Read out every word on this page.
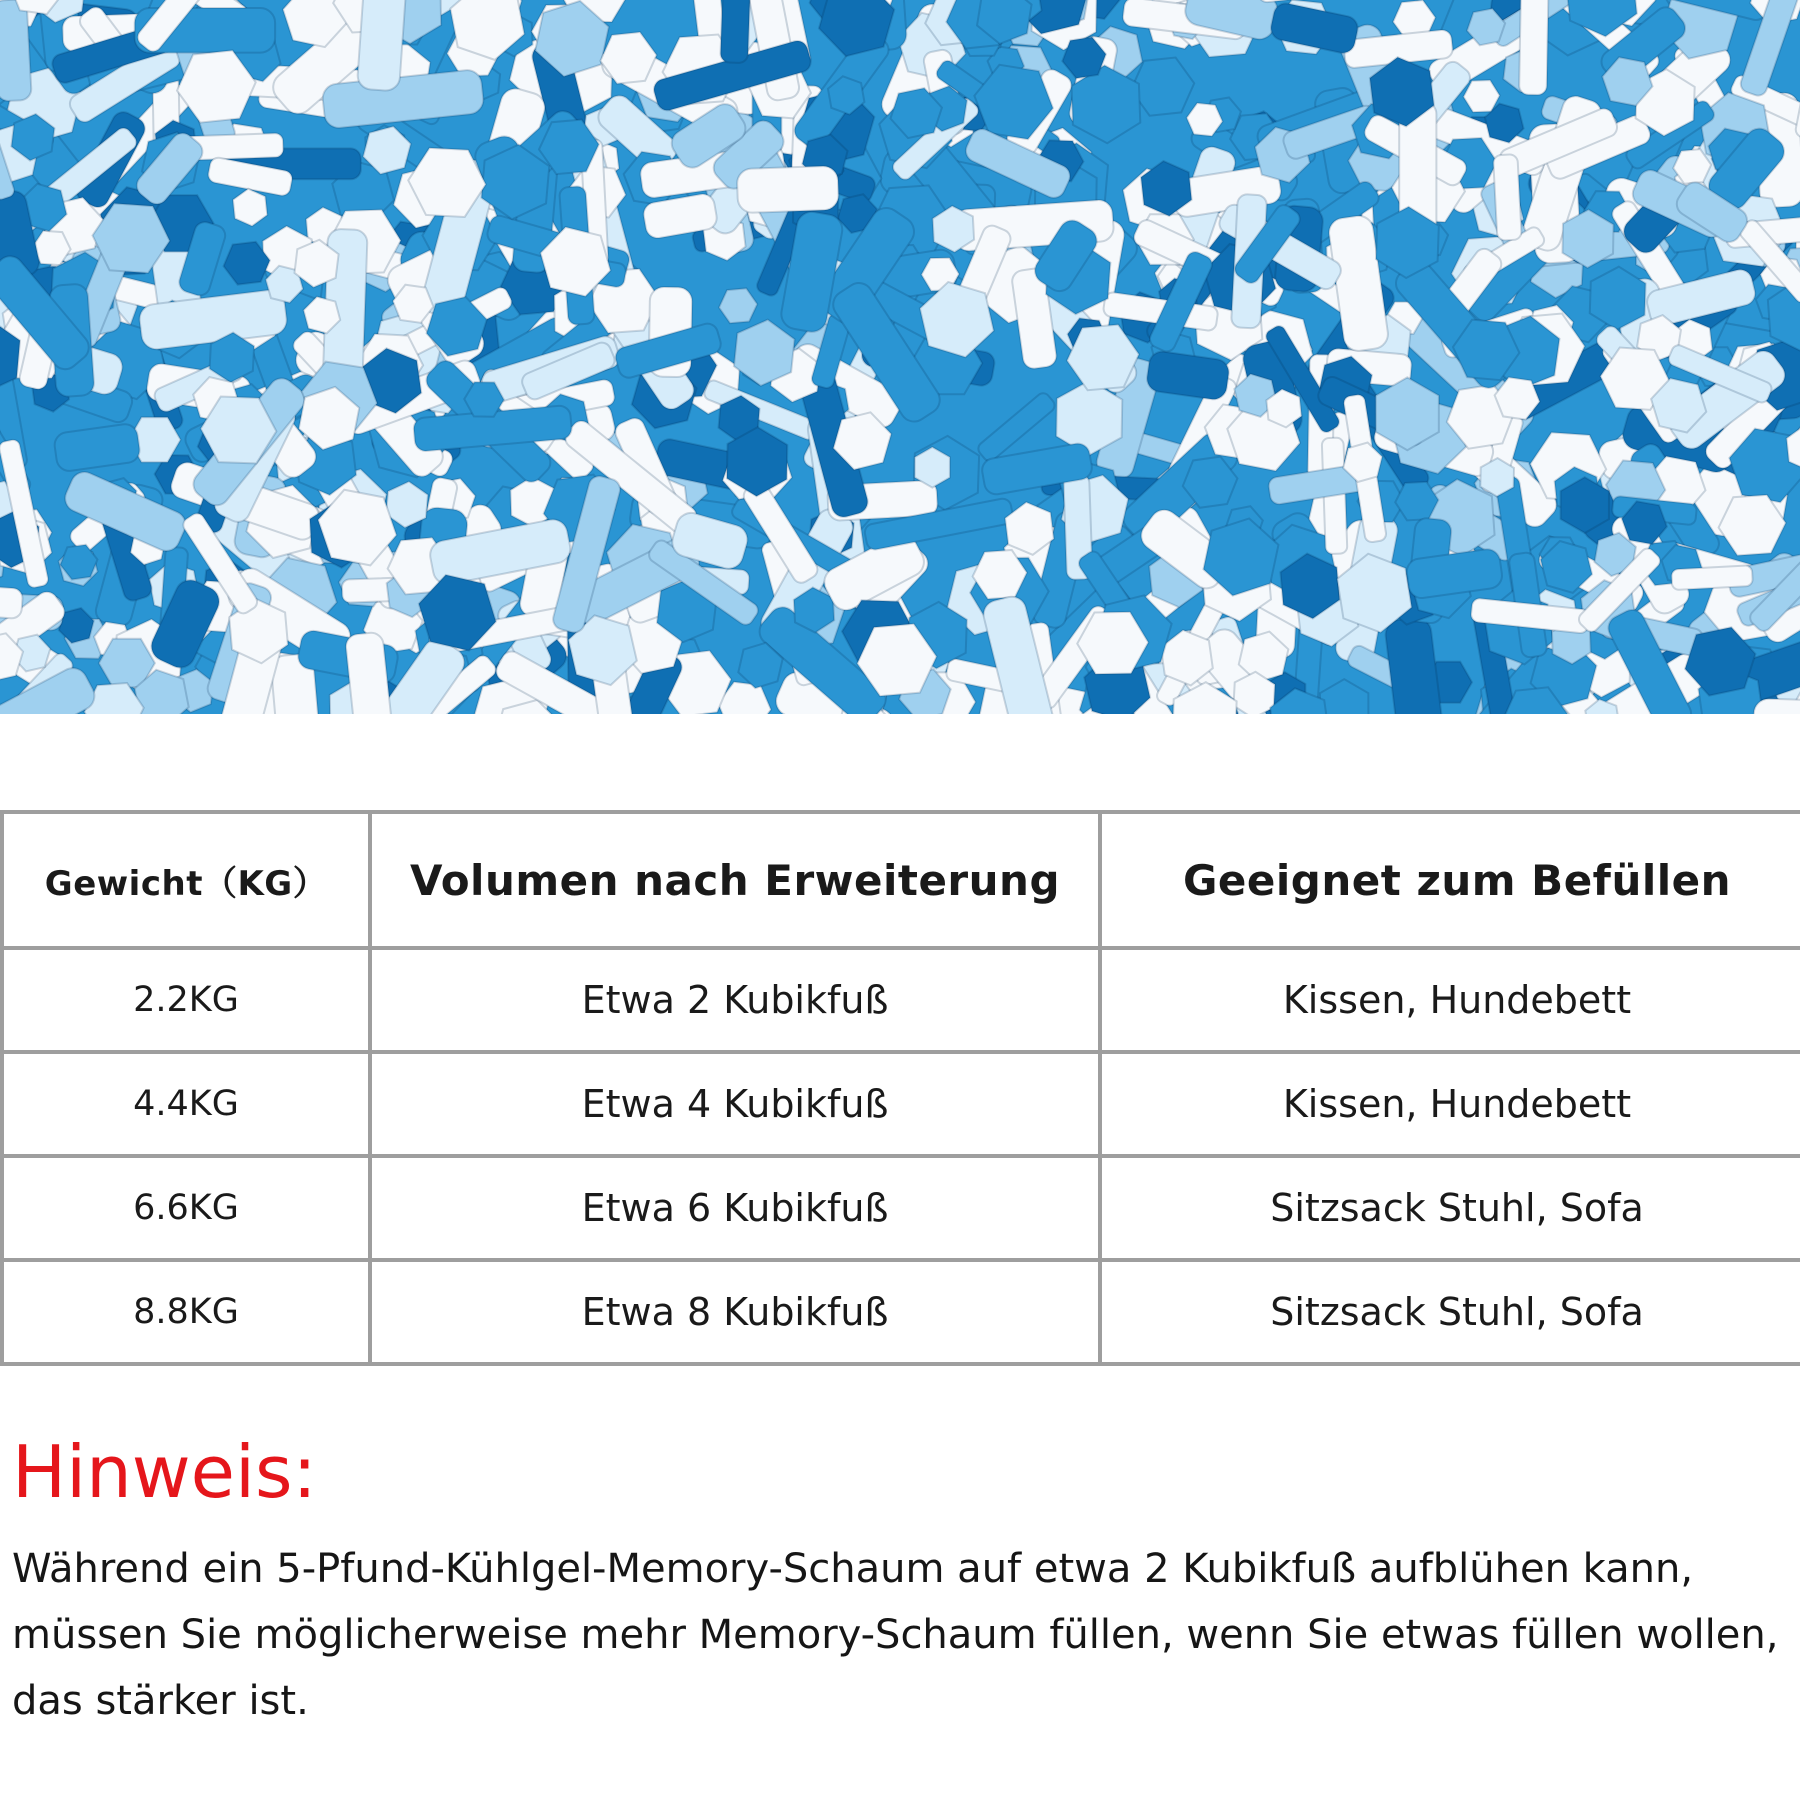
Gewicht（KG）	Volumen nach Erweiterung	Geeignet zum Befüllen
2.2KG	Etwa 2 Kubikfuß	Kissen, Hundebett
4.4KG	Etwa 4 Kubikfuß	Kissen, Hundebett
6.6KG	Etwa 6 Kubikfuß	Sitzsack Stuhl, Sofa
8.8KG	Etwa 8 Kubikfuß	Sitzsack Stuhl, Sofa
Hinweis:

Während ein 5-Pfund-Kühlgel-Memory-Schaum auf etwa 2 Kubikfuß aufblühen kann, müssen Sie möglicherweise mehr Memory-Schaum füllen, wenn Sie etwas füllen wollen, das stärker ist.
